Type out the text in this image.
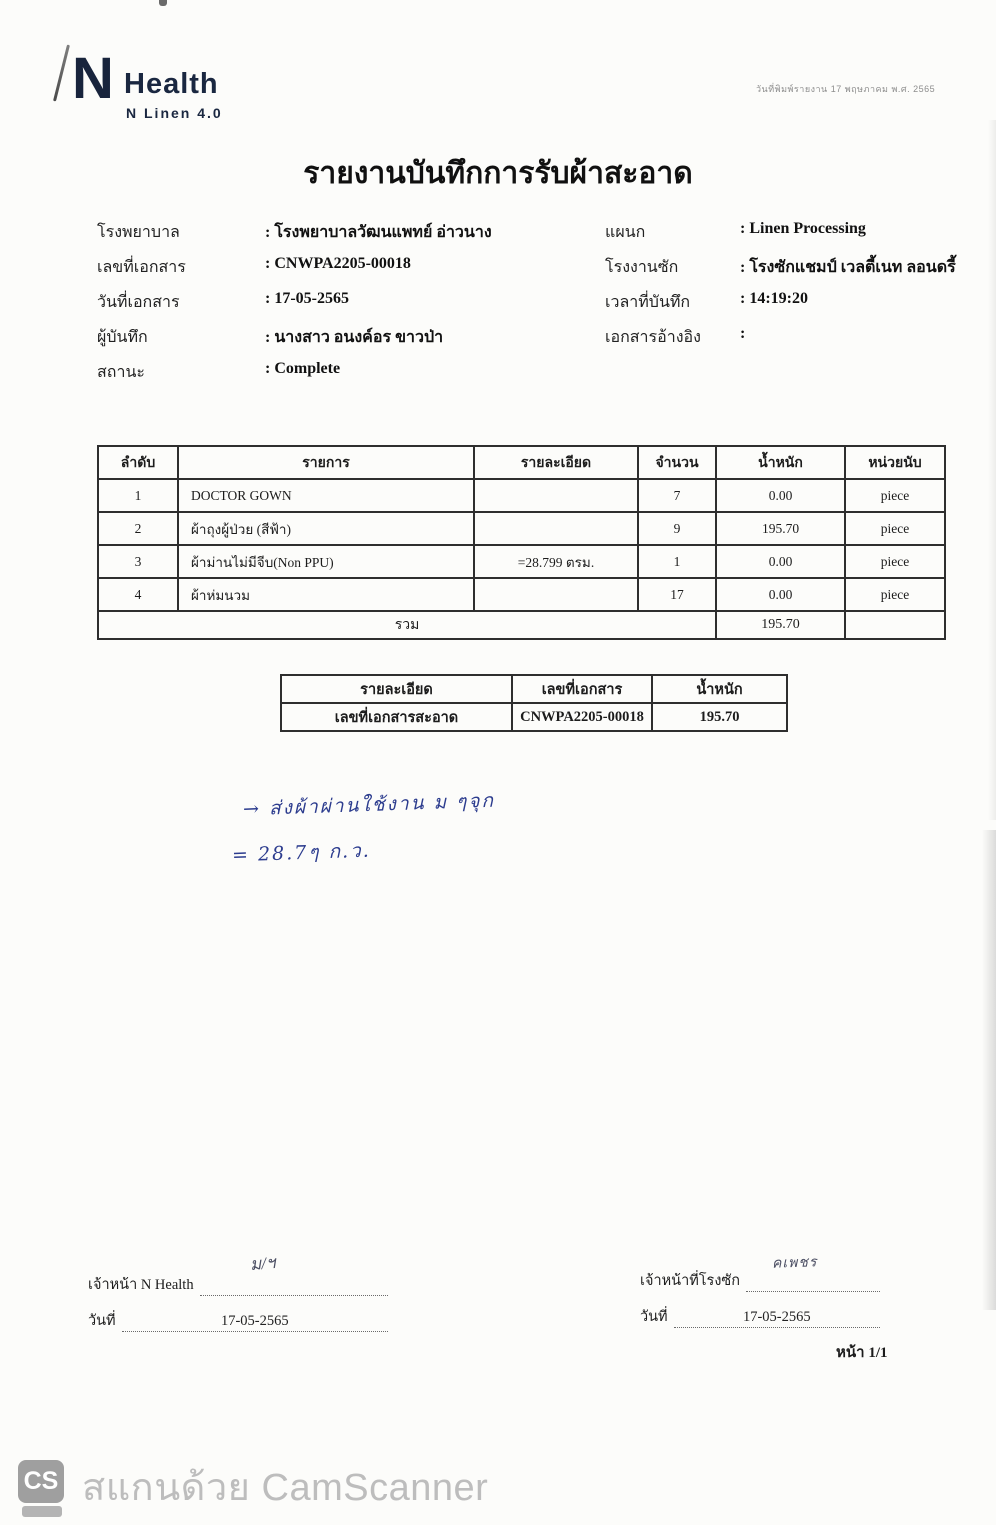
N Health
N Linen 4.0
วันที่พิมพ์รายงาน 17 พฤษภาคม พ.ศ. 2565
รายงานบันทึกการรับผ้าสะอาด
โรงพยาบาล	: โรงพยาบาลวัฒนแพทย์ อ่าวนาง
เลขที่เอกสาร	: CNWPA2205-00018
วันที่เอกสาร	: 17-05-2565
ผู้บันทึก	: นางสาว อนงค์อร ขาวป่า
สถานะ	: Complete
แผนก	: Linen Processing
โรงงานซัก	: โรงซักแชมป์ เวลตี้เนท ลอนดรี้
เวลาที่บันทึก	: 14:19:20
เอกสารอ้างอิง	:
ลำดับ	รายการ	รายละเอียด	จำนวน	น้ำหนัก	หน่วยนับ
1	DOCTOR GOWN		7	0.00	piece
2	ผ้าถุงผู้ป่วย (สีฟ้า)		9	195.70	piece
3	ผ้าม่านไม่มีจีบ(Non PPU)	=28.799 ตรม.	1	0.00	piece
4	ผ้าห่มนวม		17	0.00	piece
รวม				195.70	
รายละเอียด	เลขที่เอกสาร	น้ำหนัก
เลขที่เอกสารสะอาด	CNWPA2205-00018	195.70
→ ส่งผ้าผ่านใช้งาน ม ๆจุก
= 28.7ๆ ก.ว.
ม/ฯ	คเพชร
เจ้าหน้า N Health
วันที่	17-05-2565
เจ้าหน้าที่โรงซัก
วันที่	17-05-2565
หน้า 1/1
CS สแกนด้วย CamScanner
